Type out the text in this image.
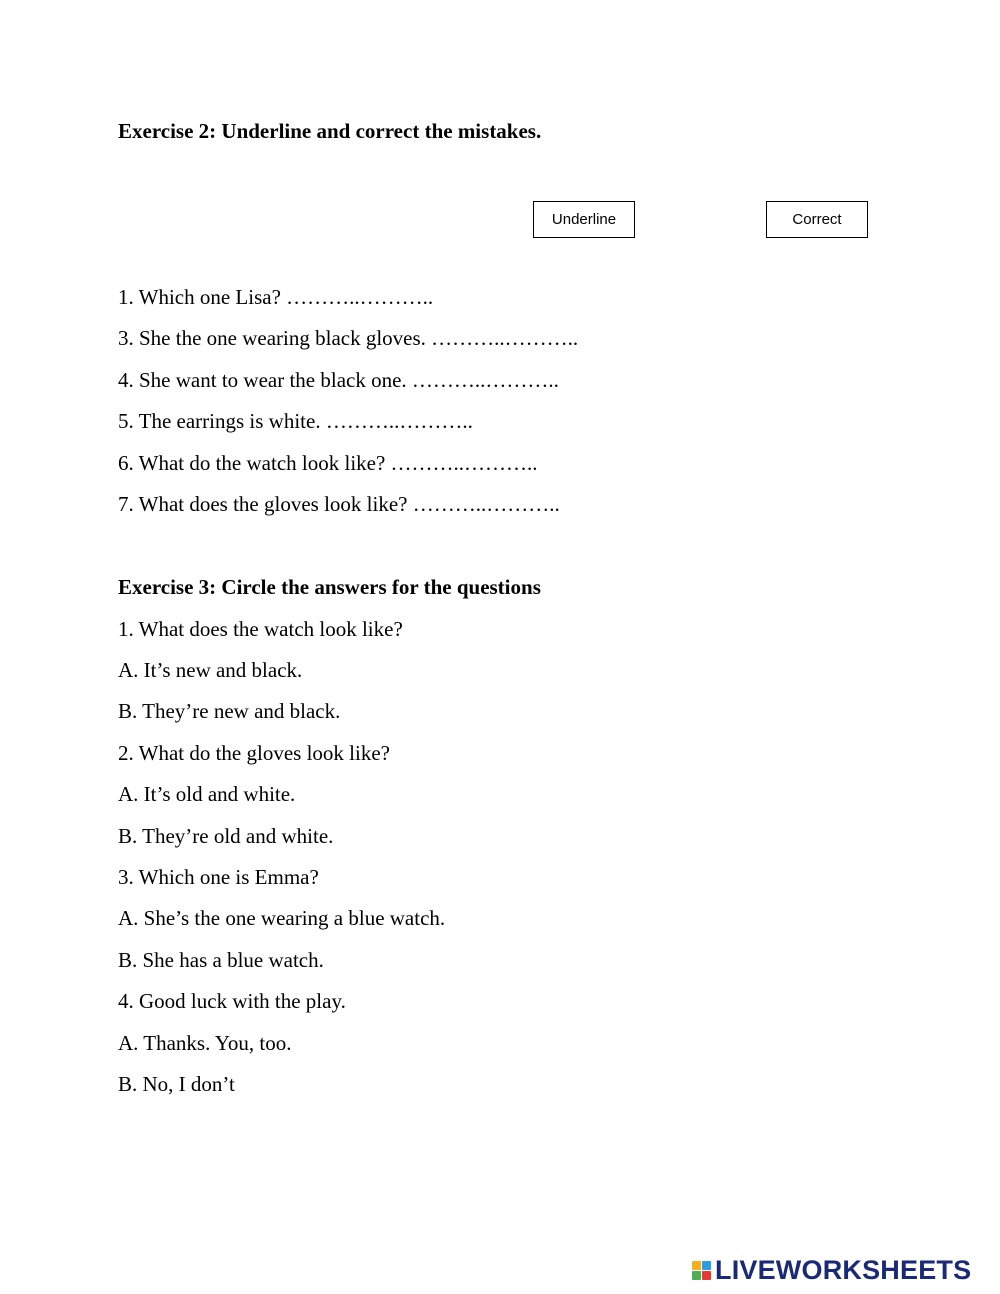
Exercise 2: Underline and correct the mistakes.
Underline	Correct
1. Which one Lisa? ………..………..
3. She the one wearing black gloves. ………..………..
4. She want to wear the black one. ………..………..
5. The earrings is white. ………..………..
6. What do the watch look like? ………..………..
7. What does the gloves look like? ………..………..
Exercise 3: Circle the answers for the questions
1. What does the watch look like?
A. It’s new and black.
B. They’re new and black.
2. What do the gloves look like?
A. It’s old and white.
B. They’re old and white.
3. Which one is Emma?
A. She’s the one wearing a blue watch.
B. She has a blue watch.
4. Good luck with the play.
A. Thanks. You, too.
B. No, I don’t
LIVEWORKSHEETS
